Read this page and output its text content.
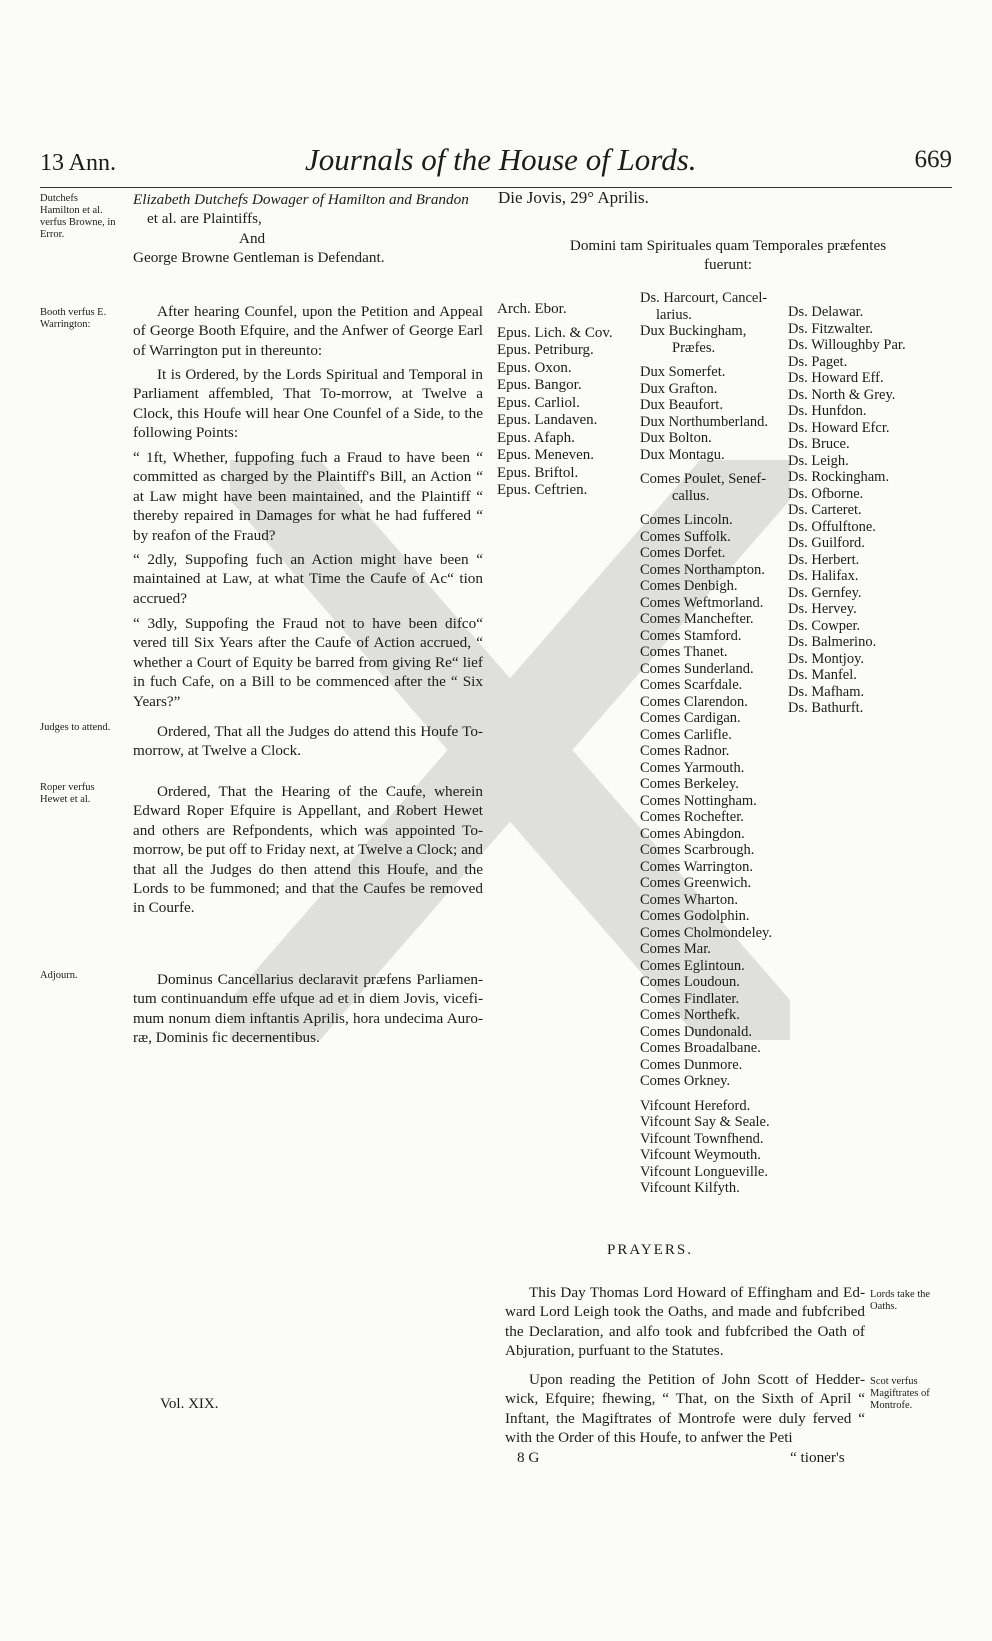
13 Ann.	Journals of the House of Lords.	669
Dutchefs Hamilton et al. verfus Browne, in Error.
Booth verfus E. Warrington:
Judges to attend.
Roper verfus Hewet et al.
Adjourn.
Elizabeth Dutchefs Dowager of Hamilton and Brandon
et al. are Plaintiffs,
And
George Browne Gentleman is Defendant.
After hearing Counfel, upon the Petition and Appeal of George Booth Efquire, and the Anfwer of George Earl of Warrington put in thereunto:
It is Ordered, by the Lords Spiritual and Temporal in Parliament affembled, That To-morrow, at Twelve a Clock, this Houfe will hear One Counfel of a Side, to the following Points:
“ 1ft, Whether, fuppofing fuch a Fraud to have been “ committed as charged by the Plaintiff's Bill, an Action “ at Law might have been maintained, and the Plaintiff “ thereby repaired in Damages for what he had fuffered “ by reafon of the Fraud?
“ 2dly, Suppofing fuch an Action might have been “ maintained at Law, at what Time the Caufe of Ac“ tion accrued?
“ 3dly, Suppofing the Fraud not to have been difco“ vered till Six Years after the Caufe of Action accrued, “ whether a Court of Equity be barred from giving Re“ lief in fuch Cafe, on a Bill to be commenced after the “ Six Years?”
Ordered, That all the Judges do attend this Houfe To-morrow, at Twelve a Clock.
Ordered, That the Hearing of the Caufe, wherein Edward Roper Efquire is Appellant, and Robert Hewet and others are Refpondents, which was appointed Tomorrow, be put off to Friday next, at Twelve a Clock; and that all the Judges do then attend this Houfe, and the Lords to be fummoned; and that the Caufes be removed in Courfe.
Dominus Cancellarius declaravit præfens Parliamentum continuandum effe ufque ad et in diem Jovis, vicefimum nonum diem inftantis Aprilis, hora undecima Auroræ, Dominis fic decernentibus.
Vol. XIX.
Die Jovis, 29° Aprilis.
Domini tam Spirituales quam Temporales præfentes
fuerunt:
Arch. Ebor.
Epus. Lich. & Cov.
Epus. Petriburg.
Epus. Oxon.
Epus. Bangor.
Epus. Carliol.
Epus. Landaven.
Epus. Afaph.
Epus. Meneven.
Epus. Briftol.
Epus. Ceftrien.
Ds. Harcourt, Cancel-
larius.
Dux Buckingham,
Præfes.
Dux Somerfet.
Dux Grafton.
Dux Beaufort.
Dux Northumberland.
Dux Bolton.
Dux Montagu.
Comes Poulet, Senef-
callus.
Comes Lincoln.
Comes Suffolk.
Comes Dorfet.
Comes Northampton.
Comes Denbigh.
Comes Weftmorland.
Comes Manchefter.
Comes Stamford.
Comes Thanet.
Comes Sunderland.
Comes Scarfdale.
Comes Clarendon.
Comes Cardigan.
Comes Carlifle.
Comes Radnor.
Comes Yarmouth.
Comes Berkeley.
Comes Nottingham.
Comes Rochefter.
Comes Abingdon.
Comes Scarbrough.
Comes Warrington.
Comes Greenwich.
Comes Wharton.
Comes Godolphin.
Comes Cholmondeley.
Comes Mar.
Comes Eglintoun.
Comes Loudoun.
Comes Findlater.
Comes Northefk.
Comes Dundonald.
Comes Broadalbane.
Comes Dunmore.
Comes Orkney.
Vifcount Hereford.
Vifcount Say & Seale.
Vifcount Townfhend.
Vifcount Weymouth.
Vifcount Longueville.
Vifcount Kilfyth.
Ds. Delawar.
Ds. Fitzwalter.
Ds. Willoughby Par.
Ds. Paget.
Ds. Howard Eff.
Ds. North & Grey.
Ds. Hunfdon.
Ds. Howard Efcr.
Ds. Bruce.
Ds. Leigh.
Ds. Rockingham.
Ds. Ofborne.
Ds. Carteret.
Ds. Offulftone.
Ds. Guilford.
Ds. Herbert.
Ds. Halifax.
Ds. Gernfey.
Ds. Hervey.
Ds. Cowper.
Ds. Balmerino.
Ds. Montjoy.
Ds. Manfel.
Ds. Mafham.
Ds. Bathurft.
PRAYERS.
This Day Thomas Lord Howard of Effingham and Edward Lord Leigh took the Oaths, and made and fubfcribed the Declaration, and alfo took and fubfcribed the Oath of Abjuration, purfuant to the Statutes.
Lords take the Oaths.
Upon reading the Petition of John Scott of Hedderwick, Efquire; fhewing, “ That, on the Sixth of April “ Inftant, the Magiftrates of Montrofe were duly ferved “ with the Order of this Houfe, to anfwer the Peti
Scot verfus Magiftrates of Montrofe.
8 G	“ tioner's
